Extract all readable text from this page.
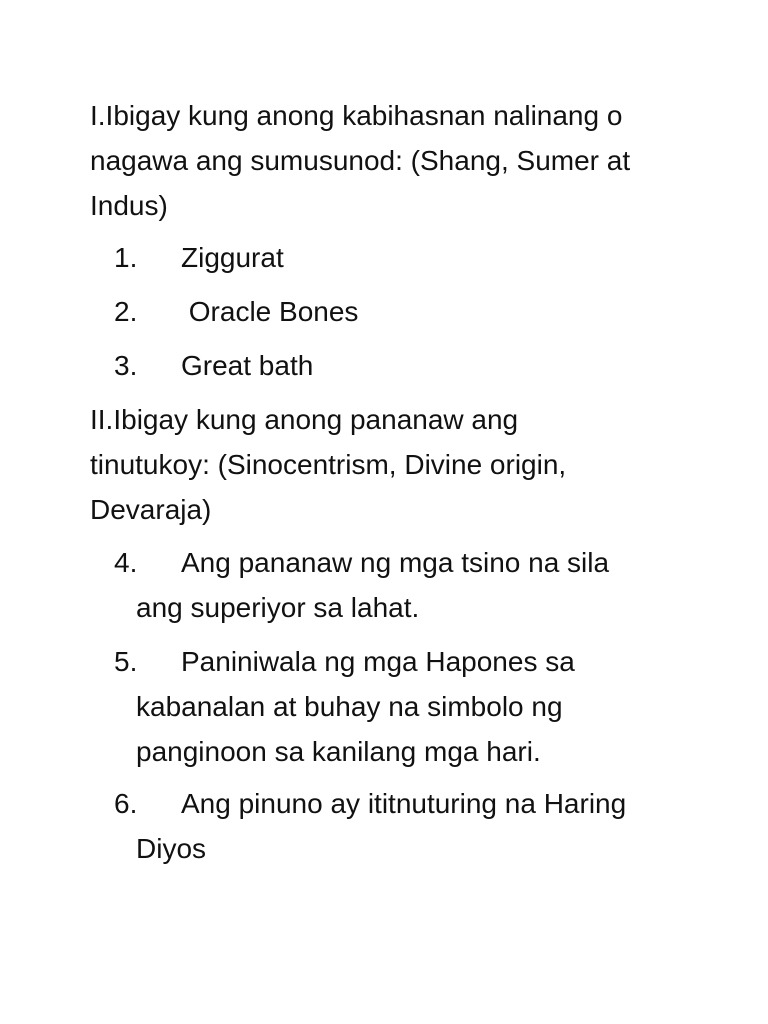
I.Ibigay kung anong kabihasnan nalinang o
nagawa ang sumusunod: (Shang, Sumer at
Indus)

1.	Ziggurat
2.	Oracle Bones
3.	Great bath

II.Ibigay kung anong pananaw ang
tinutukoy: (Sinocentrism, Divine origin,
Devaraja)

4.	Ang pananaw ng mga tsino na sila
ang superiyor sa lahat.
5.	Paniniwala ng mga Hapones sa
kabanalan at buhay na simbolo ng
panginoon sa kanilang mga hari.
6.	Ang pinuno ay ititnuturing na Haring
Diyos
